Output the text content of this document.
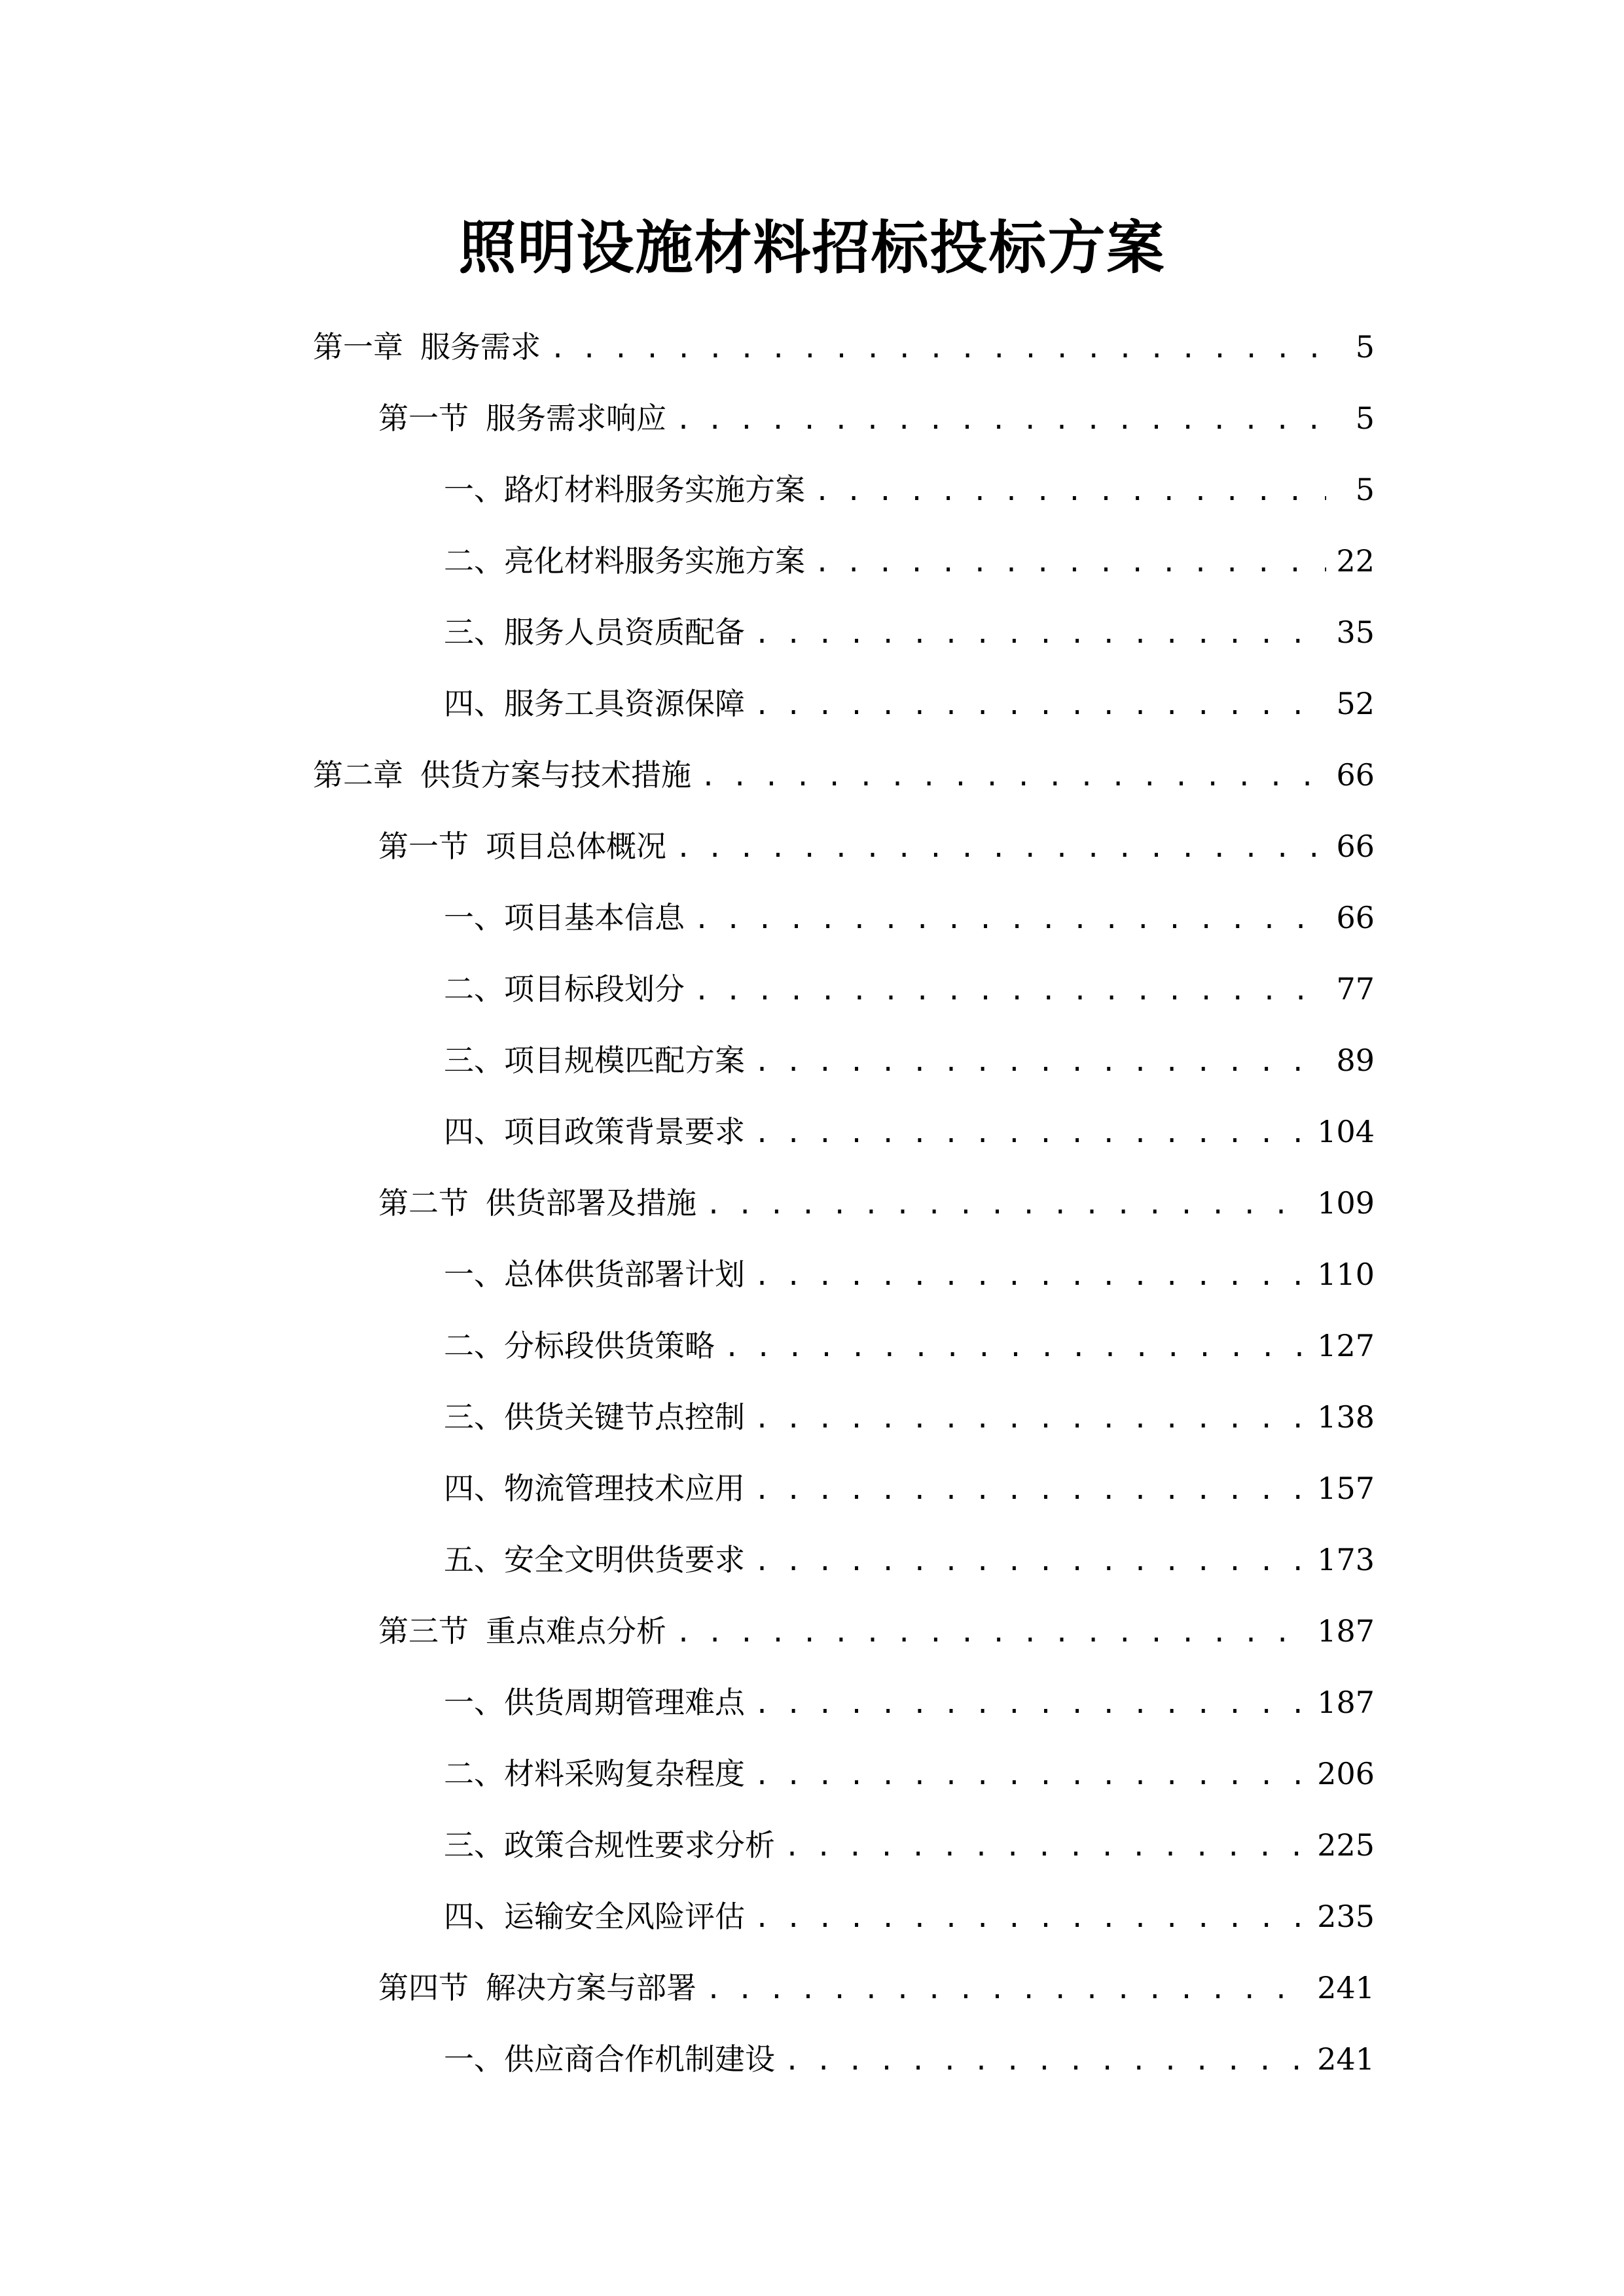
照明设施材料招标投标方案
第一章 服务需求 . . .	5
第一节 服务需求响应 . . .	5
一、 路灯材料服务实施方案 . . .	5
二、 亮化材料服务实施方案 . . .	22
三、 服务人员资质配备 . . .	35
四、 服务工具资源保障 . . .	52
第二章 供货方案与技术措施 . . .	66
第一节 项目总体概况 . . .	66
一、 项目基本信息 . . .	66
二、 项目标段划分 . . .	77
三、 项目规模匹配方案 . . .	89
四、 项目政策背景要求 . . .	104
第二节 供货部署及措施 . . .	109
一、 总体供货部署计划 . . .	110
二、 分标段供货策略 . . .	127
三、 供货关键节点控制 . . .	138
四、 物流管理技术应用 . . .	157
五、 安全文明供货要求 . . .	173
第三节 重点难点分析 . . .	187
一、 供货周期管理难点 . . .	187
二、 材料采购复杂程度 . . .	206
三、 政策合规性要求分析 . . .	225
四、 运输安全风险评估 . . .	235
第四节 解决方案与部署 . . .	241
一、 供应商合作机制建设 . . .	241
